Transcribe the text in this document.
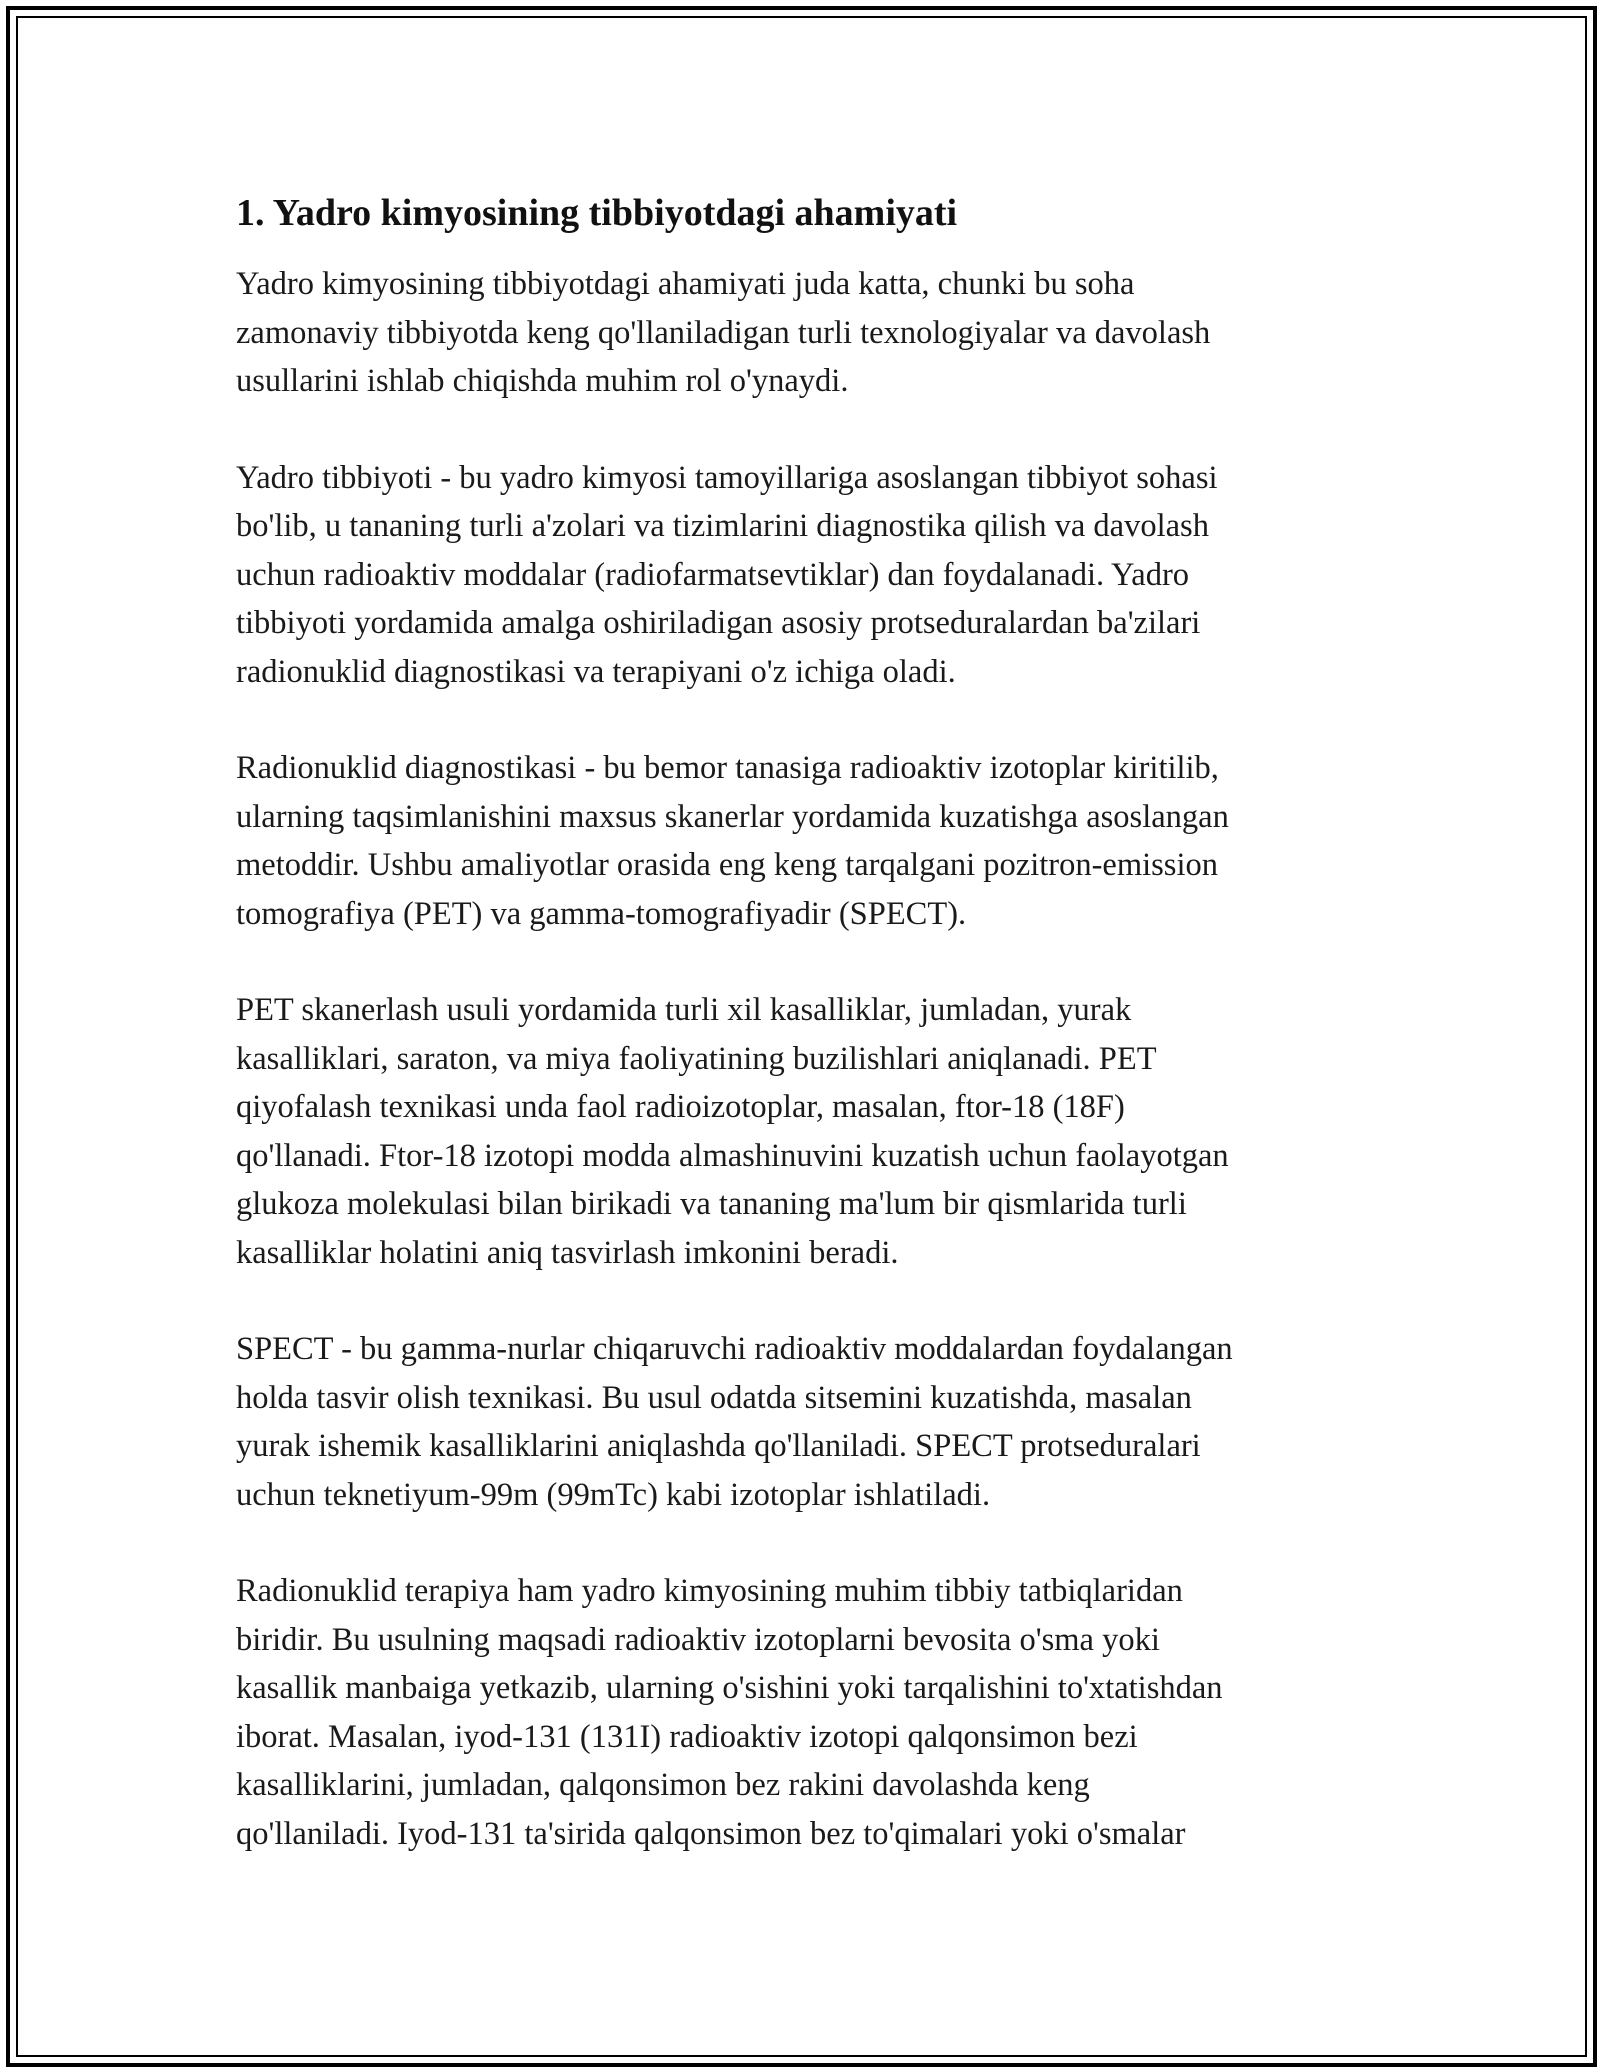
1. Yadro kimyosining tibbiyotdagi ahamiyati

Yadro kimyosining tibbiyotdagi ahamiyati juda katta, chunki bu soha
zamonaviy tibbiyotda keng qo'llaniladigan turli texnologiyalar va davolash
usullarini ishlab chiqishda muhim rol o'ynaydi.

Yadro tibbiyoti - bu yadro kimyosi tamoyillariga asoslangan tibbiyot sohasi
bo'lib, u tananing turli a'zolari va tizimlarini diagnostika qilish va davolash
uchun radioaktiv moddalar (radiofarmatsevtiklar) dan foydalanadi. Yadro
tibbiyoti yordamida amalga oshiriladigan asosiy protseduralardan ba'zilari
radionuklid diagnostikasi va terapiyani o'z ichiga oladi.

Radionuklid diagnostikasi - bu bemor tanasiga radioaktiv izotoplar kiritilib,
ularning taqsimlanishini maxsus skanerlar yordamida kuzatishga asoslangan
metoddir. Ushbu amaliyotlar orasida eng keng tarqalgani pozitron-emission
tomografiya (PET) va gamma-tomografiyadir (SPECT).

PET skanerlash usuli yordamida turli xil kasalliklar, jumladan, yurak
kasalliklari, saraton, va miya faoliyatining buzilishlari aniqlanadi. PET
qiyofalash texnikasi unda faol radioizotoplar, masalan, ftor-18 (18F)
qo'llanadi. Ftor-18 izotopi modda almashinuvini kuzatish uchun faolayotgan
glukoza molekulasi bilan birikadi va tananing ma'lum bir qismlarida turli
kasalliklar holatini aniq tasvirlash imkonini beradi.

SPECT - bu gamma-nurlar chiqaruvchi radioaktiv moddalardan foydalangan
holda tasvir olish texnikasi. Bu usul odatda sitsemini kuzatishda, masalan
yurak ishemik kasalliklarini aniqlashda qo'llaniladi. SPECT protseduralari
uchun teknetiyum-99m (99mTc) kabi izotoplar ishlatiladi.

Radionuklid terapiya ham yadro kimyosining muhim tibbiy tatbiqlaridan
biridir. Bu usulning maqsadi radioaktiv izotoplarni bevosita o'sma yoki
kasallik manbaiga yetkazib, ularning o'sishini yoki tarqalishini to'xtatishdan
iborat. Masalan, iyod-131 (131I) radioaktiv izotopi qalqonsimon bezi
kasalliklarini, jumladan, qalqonsimon bez rakini davolashda keng
qo'llaniladi. Iyod-131 ta'sirida qalqonsimon bez to'qimalari yoki o'smalar
